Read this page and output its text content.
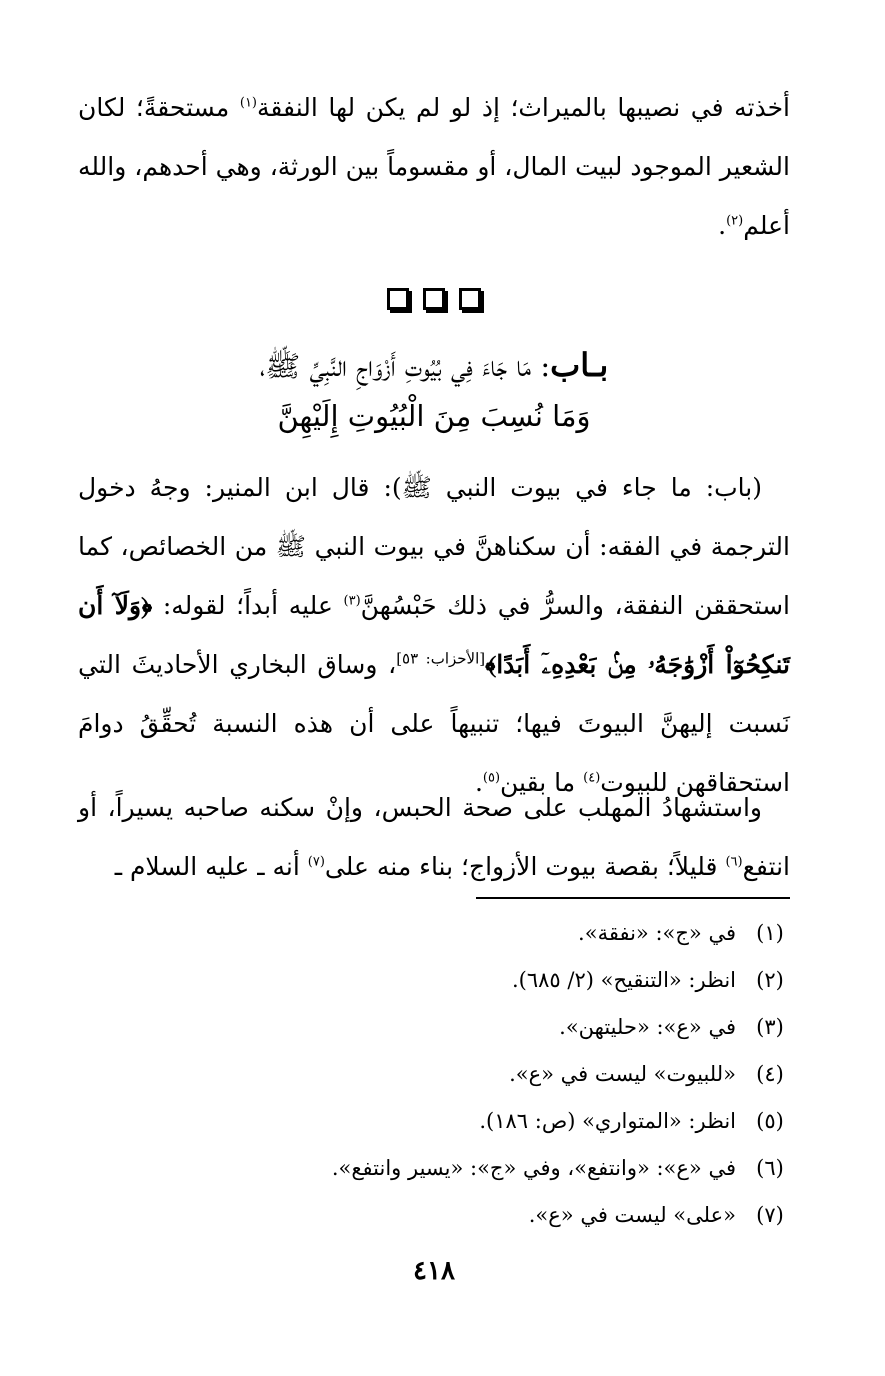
أخذته في نصيبها بالميراث؛ إذ لو لم يكن لها النفقة$^{(١)}$ مستحقةً؛ لكان الشعير الموجود لبيت المال، أو مقسوماً بين الورثة، وهي أحدهم، والله أعلم$^{(٢)}$.

بـاب: مَا جَاءَ فِي بُيُوتِ أَزْوَاجِ النَّبِيِّ ﷺ،
وَمَا نُسِبَ مِنَ الْبُيُوتِ إِلَيْهِنَّ

(باب: ما جاء في بيوت النبي ﷺ): قال ابن المنير: وجهُ دخول الترجمة في الفقه: أن سكناهنَّ في بيوت النبي ﷺ من الخصائص، كما استحققن النفقة، والسرُّ في ذلك حَبْسُهنَّ$^{(٣)}$ عليه أبداً؛ لقوله: ﴿وَلَآ أَن تَنكِحُوٓاْ أَزْوَٰجَهُۥ مِنۢ بَعْدِهِۦٓ أَبَدًا﴾[الأحزاب: ٥٣]، وساق البخاري الأحاديثَ التي نَسبت إليهنَّ البيوتَ فيها؛ تنبيهاً على أن هذه النسبة تُحقِّقُ دوامَ استحقاقهن للبيوت$^{(٤)}$ ما بقين$^{(٥)}$.

واستشهادُ المهلب على صحة الحبس، وإنْ سكنه صاحبه يسيراً، أو انتفع$^{(٦)}$ قليلاً؛ بقصة بيوت الأزواج؛ بناء منه على$^{(٧)}$ أنه ـ عليه السلام ـ

(١)
في «ج»: «نفقة».
(٢)
انظر: «التنقيح» (٢/ ٦٨٥).
(٣)
في «ع»: «حليتهن».
(٤)
«للبيوت» ليست في «ع».
(٥)
انظر: «المتواري» (ص: ١٨٦).
(٦)
في «ع»: «وانتفع»، وفي «ج»: «يسير وانتفع».
(٧)
«على» ليست في «ع».
٤١٨
